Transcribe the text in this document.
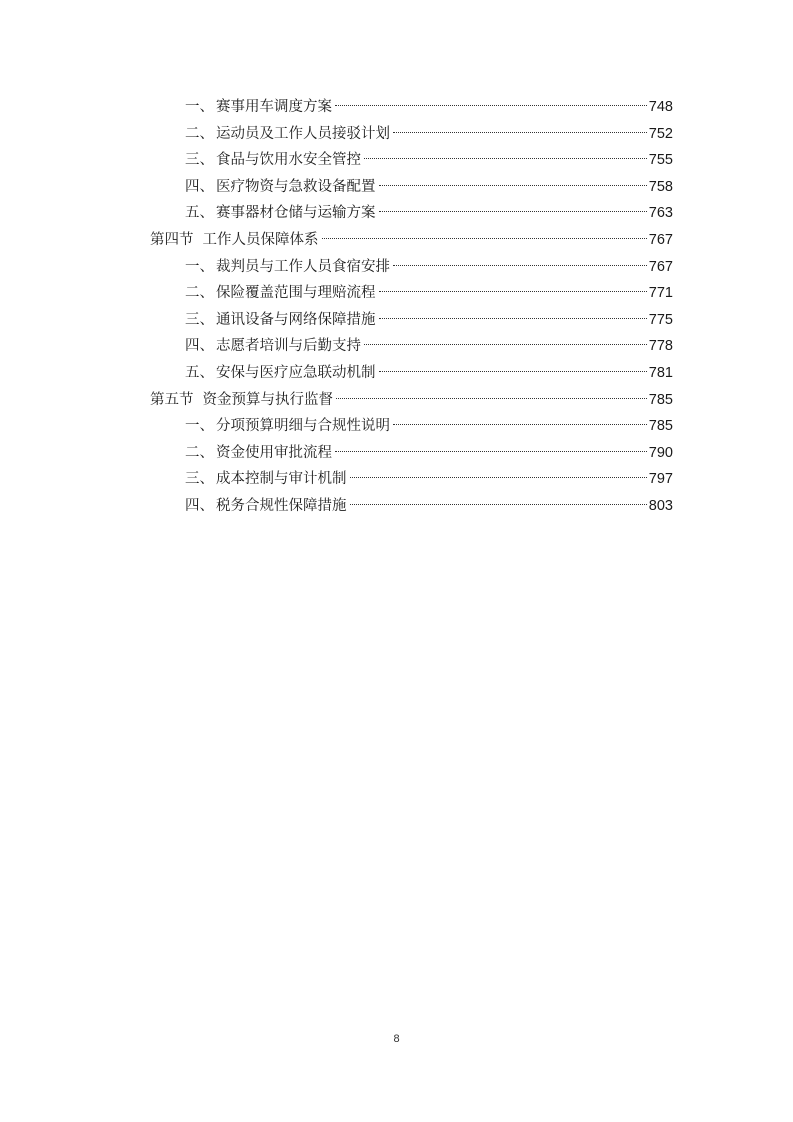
一、 赛事用车调度方案	748
二、 运动员及工作人员接驳计划	752
三、 食品与饮用水安全管控	755
四、 医疗物资与急救设备配置	758
五、 赛事器材仓储与运输方案	763
第四节 工作人员保障体系	767
一、 裁判员与工作人员食宿安排	767
二、 保险覆盖范围与理赔流程	771
三、 通讯设备与网络保障措施	775
四、 志愿者培训与后勤支持	778
五、 安保与医疗应急联动机制	781
第五节 资金预算与执行监督	785
一、 分项预算明细与合规性说明	785
二、 资金使用审批流程	790
三、 成本控制与审计机制	797
四、 税务合规性保障措施	803
8
